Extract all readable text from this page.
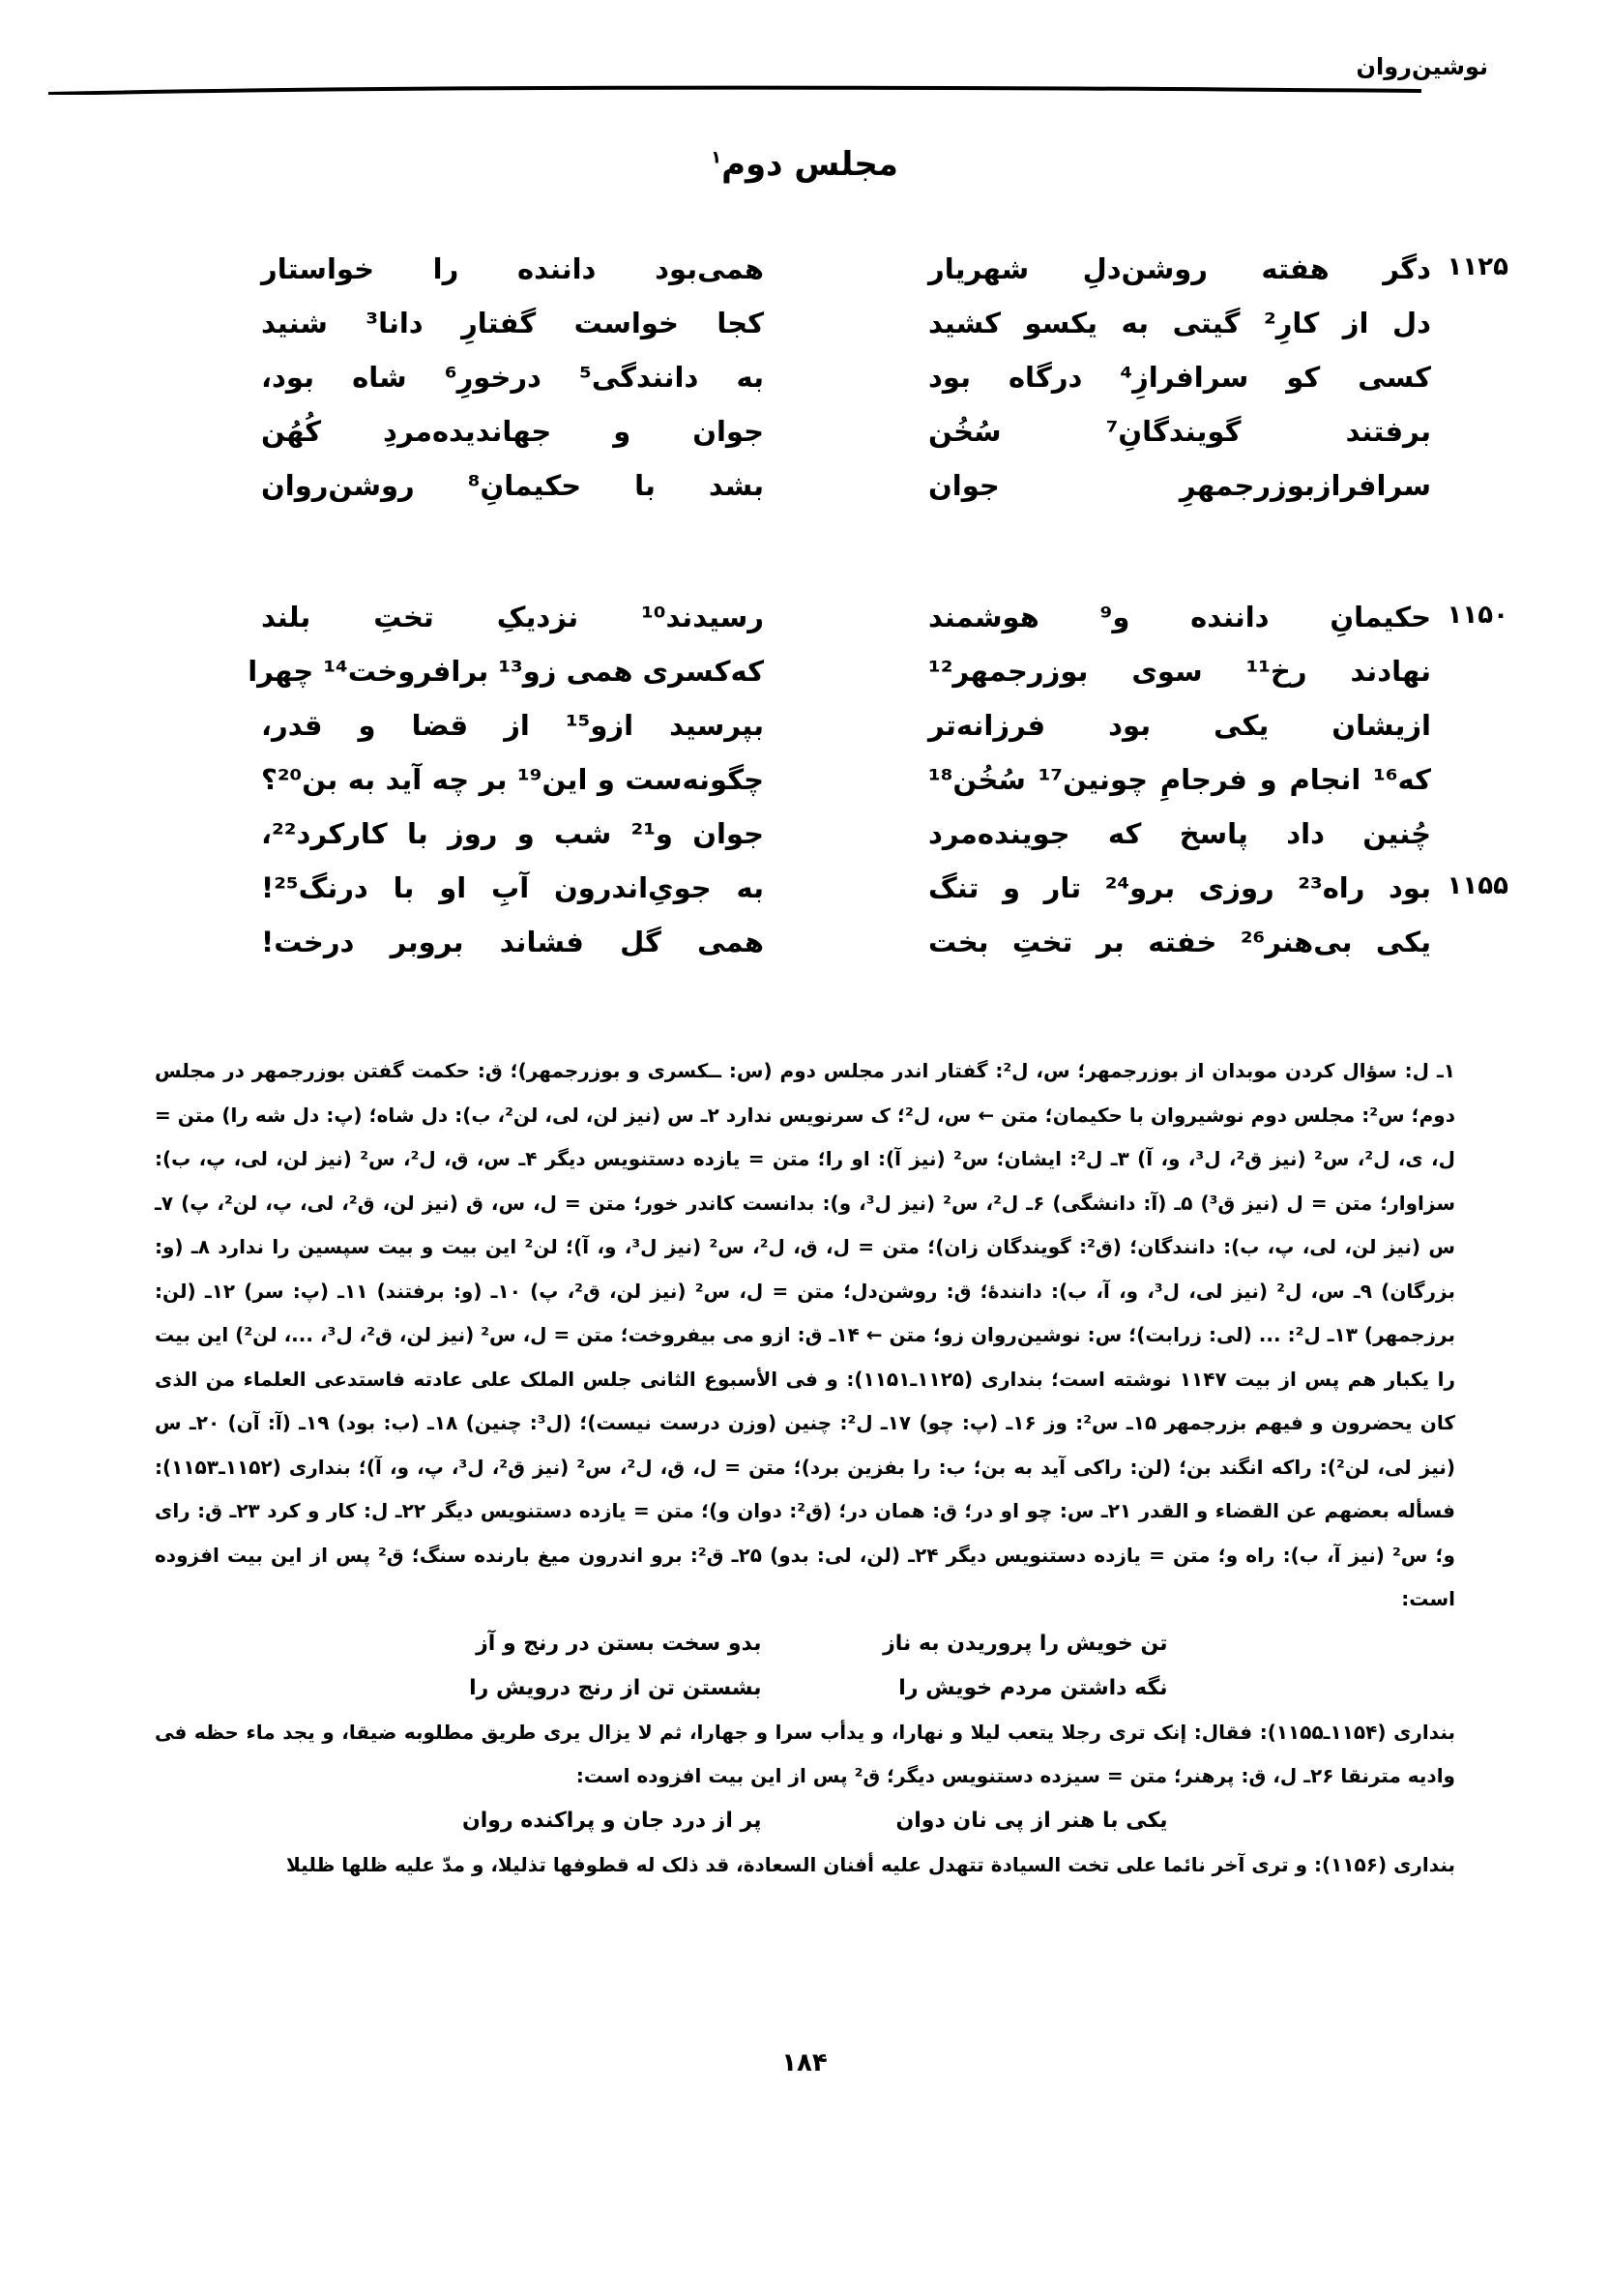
نوشین‌روان
مجلس دوم$^۱$
۱۱۲۵
دگر هفته روشن‌دلِ شهریار
همی‌بود داننده را خواستار
دل از کارِ² گیتی به یکسو کشید
کجا خواست گفتارِ دانا³ شنید
کسی کو سرافرازِ⁴ درگاه بود
به دانندگی⁵ درخورِ⁶ شاه بود،
برفتند گویندگانِ⁷ سُخُن
جوان و جهاندیده‌مردِ کُهُن
سرافرازبوزرجمهرِ جوان
بشد با حکیمانِ⁸ روشن‌روان
۱۱۵۰
حکیمانِ داننده و⁹ هوشمند
رسیدند¹⁰ نزدیکِ تختِ بلند
نهادند رخ¹¹ سوی بوزرجمهر¹²
که‌کسری همی زو¹³ برافروخت¹⁴ چهرا
ازیشان یکی بود فرزانه‌تر
بپرسید ازو¹⁵ از قضا و قدر،
که¹⁶ انجام و فرجامِ چونین¹⁷ سُخُن¹⁸
چگونه‌ست و این¹⁹ بر چه آید به بن²⁰؟
چُنین داد پاسخ که جوینده‌مرد
جوان و²¹ شب و روز با کارکرد²²،
۱۱۵۵
بود راه²³ روزی برو²⁴ تار و تنگ
به جویِ‌اندرون آبِ او با درنگ²⁵!
یکی بی‌هنر²⁶ خفته بر تختِ بخت
همی گل فشاند بروبر درخت!

۱ـ ل: سؤال کردن موبدان از بوزرجمهر؛ س، ل²: گفتار اندر مجلس دوم (س: ــکسری و بوزرجمهر)؛ ق: حکمت گفتن بوزرجمهر در مجلس دوم؛ س²: مجلس دوم نوشیروان با حکیمان؛ متن ← س، ل²؛ ک سرنویس ندارد ۲ـ س (نیز لن، لی، لن²، ب): دل شاه؛ (پ: دل شه را) متن = ل، ی، ل²، س² (نیز ق²، ل³، و، آ) ۳ـ ل²: ایشان؛ س² (نیز آ): او را؛ متن = یازده دستنویس دیگر ۴ـ س، ق، ل²، س² (نیز لن، لی، پ، ب): سزاوار؛ متن = ل (نیز ق³) ۵ـ (آ: دانشگی) ۶ـ ل²، س² (نیز ل³، و): بدانست کاندر خور؛ متن = ل، س، ق (نیز لن، ق²، لی، پ، لن²، پ) ۷ـ س (نیز لن، لی، پ، ب): دانندگان؛ (ق²: گویندگان زان)؛ متن = ل، ق، ل²، س² (نیز ل³، و، آ)؛ لن² این بیت و بیت سپسین را ندارد ۸ـ (و: بزرگان) ۹ـ س، ل² (نیز لی، ل³، و، آ، ب): دانندۀ؛ ق: روشن‌دل؛ متن = ل، س² (نیز لن، ق²، پ) ۱۰ـ (و: برفتند) ۱۱ـ (پ: سر) ۱۲ـ (لن: برزجمهر) ۱۳ـ ل²: ... (لی: زرابت)؛ س: نوشین‌روان زو؛ متن ← ۱۴ـ ق: ازو می بیفروخت؛ متن = ل، س² (نیز لن، ق²، ل³، ...، لن²) این بیت را یکبار هم پس از بیت ۱۱۴۷ نوشته است؛ بنداری (۱۱۲۵ـ۱۱۵۱): و فی الأسبوع الثانی جلس الملک علی عادته فاستدعی العلماء من الذی کان یحضرون و فیهم بزرجمهر ۱۵ـ س²: وز ۱۶ـ (پ: چو) ۱۷ـ ل²: چنین (وزن درست نیست)؛ (ل³: چنین) ۱۸ـ (ب: بود) ۱۹ـ (آ: آن) ۲۰ـ س (نیز لی، لن²): راکه انگند بن؛ (لن: راکی آید به بن؛ ب: را بفزین برد)؛ متن = ل، ق، ل²، س² (نیز ق²، ل³، پ، و، آ)؛ بنداری (۱۱۵۲ـ۱۱۵۳): فسأله بعضهم عن القضاء و القدر ۲۱ـ س: چو او در؛ ق: همان در؛ (ق²: دوان و)؛ متن = یازده دستنویس دیگر ۲۲ـ ل: کار و کرد ۲۳ـ ق: رای و؛ س² (نیز آ، ب): راه و؛ متن = یازده دستنویس دیگر ۲۴ـ (لن، لی: بدو) ۲۵ـ ق²: برو اندرون میغ بارنده سنگ؛ ق² پس از این بیت افزوده است:

تن خویش را پروریدن به ناز
بدو سخت بستن در رنج و آز
نگه داشتن مردم خویش را
بشستن تن از رنج درویش را

بنداری (۱۱۵۴ـ۱۱۵۵): فقال: إنک تری رجلا یتعب لیلا و نهارا، و یدأب سرا و جهارا، ثم لا یزال یری طریق مطلوبه ضیقا، و یجد ماء حظه فی وادیه مترنقا ۲۶ـ ل، ق: پرهنر؛ متن = سیزده دستنویس دیگر؛ ق² پس از این بیت افزوده است:

یکی با هنر از پی نان دوان
پر از درد جان و پراکنده روان

بنداری (۱۱۵۶): و تری آخر نائما علی تخت السیادة تتهدل علیه أفنان السعادة، قد ذلک له قطوفها تذلیلا، و مدّ علیه ظلها ظلیلا

۱۸۴
